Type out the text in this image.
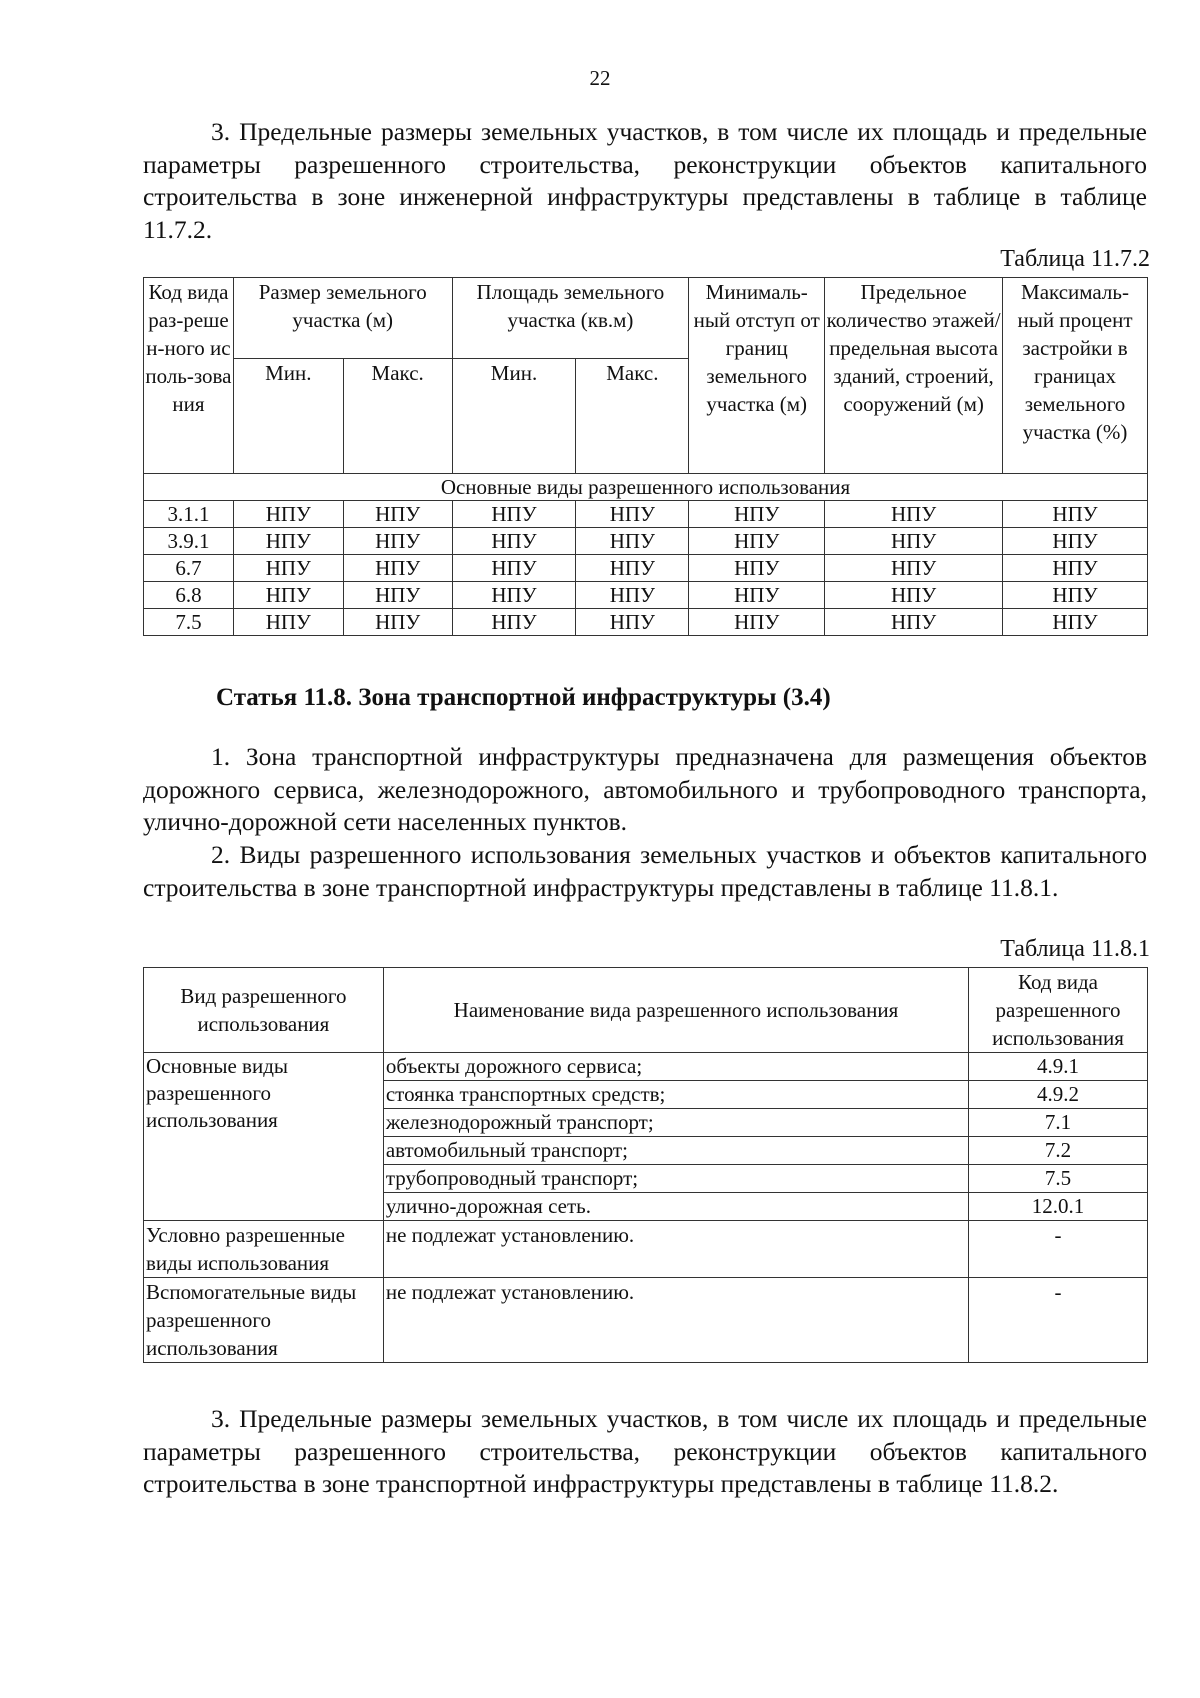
22

3. Предельные размеры земельных участков, в том числе их площадь и предельные параметры разрешенного строительства, реконструкции объектов капитального строительства в зоне инженерной инфраструктуры представлены в таблице в таблице 11.7.2.

Таблица 11.7.2
Код вида раз-решен-ного исполь-зования	Размер земельного участка (м)		Площадь земельного участка (кв.м)		Минималь-ный отступ от границ земельного участка (м)	Предельное количество этажей/ предельная высота зданий, строений, сооружений (м)	Максималь-ный процент застройки в границах земельного участка (%)
	Мин.	Макс.	Мин.	Макс.			
Основные виды разрешенного использования							
3.1.1	НПУ	НПУ	НПУ	НПУ	НПУ	НПУ	НПУ
3.9.1	НПУ	НПУ	НПУ	НПУ	НПУ	НПУ	НПУ
6.7	НПУ	НПУ	НПУ	НПУ	НПУ	НПУ	НПУ
6.8	НПУ	НПУ	НПУ	НПУ	НПУ	НПУ	НПУ
7.5	НПУ	НПУ	НПУ	НПУ	НПУ	НПУ	НПУ
Статья 11.8. Зона транспортной инфраструктуры (3.4)

1. Зона транспортной инфраструктуры предназначена для размещения объектов дорожного сервиса, железнодорожного, автомобильного и трубопроводного транспорта, улично-дорожной сети населенных пунктов.

2. Виды разрешенного использования земельных участков и объектов капитального строительства в зоне транспортной инфраструктуры представлены в таблице 11.8.1.

Таблица 11.8.1
Вид разрешенного использования	Наименование вида разрешенного использования	Код вида разрешенного использования
Основные виды разрешенного использования	объекты дорожного сервиса;	4.9.1
	стоянка транспортных средств;	4.9.2
	железнодорожный транспорт;	7.1
	автомобильный транспорт;	7.2
	трубопроводный транспорт;	7.5
	улично-дорожная сеть.	12.0.1
Условно разрешенные виды использования	не подлежат установлению.	-
Вспомогательные виды разрешенного использования	не подлежат установлению.	-

3. Предельные размеры земельных участков, в том числе их площадь и предельные параметры разрешенного строительства, реконструкции объектов капитального строительства в зоне транспортной инфраструктуры представлены в таблице 11.8.2.
